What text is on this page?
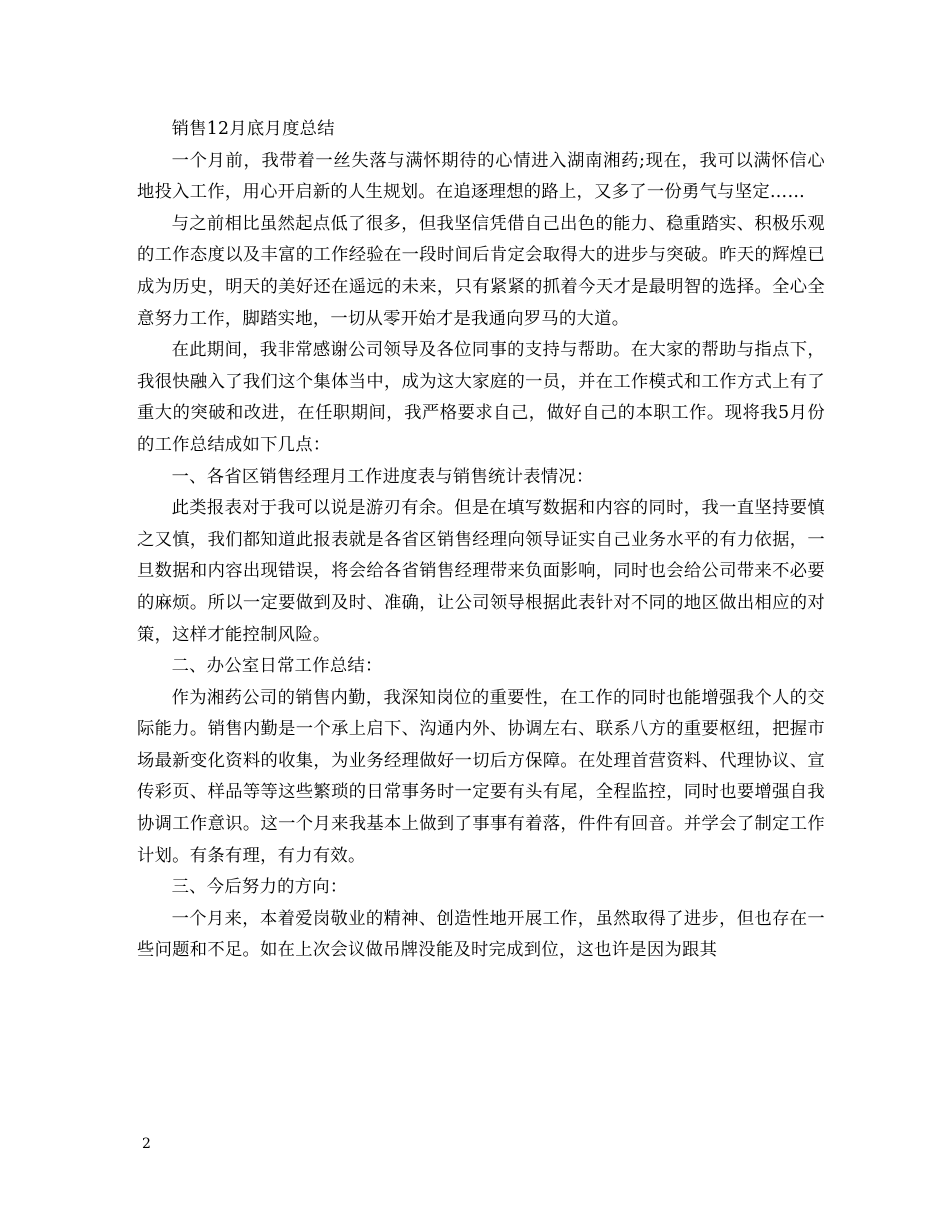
销售12月底月度总结

一个月前，我带着一丝失落与满怀期待的心情进入湖南湘药;现在，我可以满怀信心地投入工作，用心开启新的人生规划。在追逐理想的路上，又多了一份勇气与坚定……

与之前相比虽然起点低了很多，但我坚信凭借自己出色的能力、稳重踏实、积极乐观的工作态度以及丰富的工作经验在一段时间后肯定会取得大的进步与突破。昨天的辉煌已成为历史，明天的美好还在遥远的未来，只有紧紧的抓着今天才是最明智的选择。全心全意努力工作，脚踏实地，一切从零开始才是我通向罗马的大道。

在此期间，我非常感谢公司领导及各位同事的支持与帮助。在大家的帮助与指点下，我很快融入了我们这个集体当中，成为这大家庭的一员，并在工作模式和工作方式上有了重大的突破和改进，在任职期间，我严格要求自己，做好自己的本职工作。现将我5月份的工作总结成如下几点：

一、各省区销售经理月工作进度表与销售统计表情况：

此类报表对于我可以说是游刃有余。但是在填写数据和内容的同时，我一直坚持要慎之又慎，我们都知道此报表就是各省区销售经理向领导证实自己业务水平的有力依据，一旦数据和内容出现错误，将会给各省销售经理带来负面影响，同时也会给公司带来不必要的麻烦。所以一定要做到及时、准确，让公司领导根据此表针对不同的地区做出相应的对策，这样才能控制风险。

二、办公室日常工作总结：

作为湘药公司的销售内勤，我深知岗位的重要性，在工作的同时也能增强我个人的交际能力。销售内勤是一个承上启下、沟通内外、协调左右、联系八方的重要枢纽，把握市场最新变化资料的收集，为业务经理做好一切后方保障。在处理首营资料、代理协议、宣传彩页、样品等等这些繁琐的日常事务时一定要有头有尾，全程监控，同时也要增强自我协调工作意识。这一个月来我基本上做到了事事有着落，件件有回音。并学会了制定工作计划。有条有理，有力有效。

三、今后努力的方向：

一个月来，本着爱岗敬业的精神、创造性地开展工作，虽然取得了进步，但也存在一些问题和不足。如在上次会议做吊牌没能及时完成到位，这也许是因为跟其

2
